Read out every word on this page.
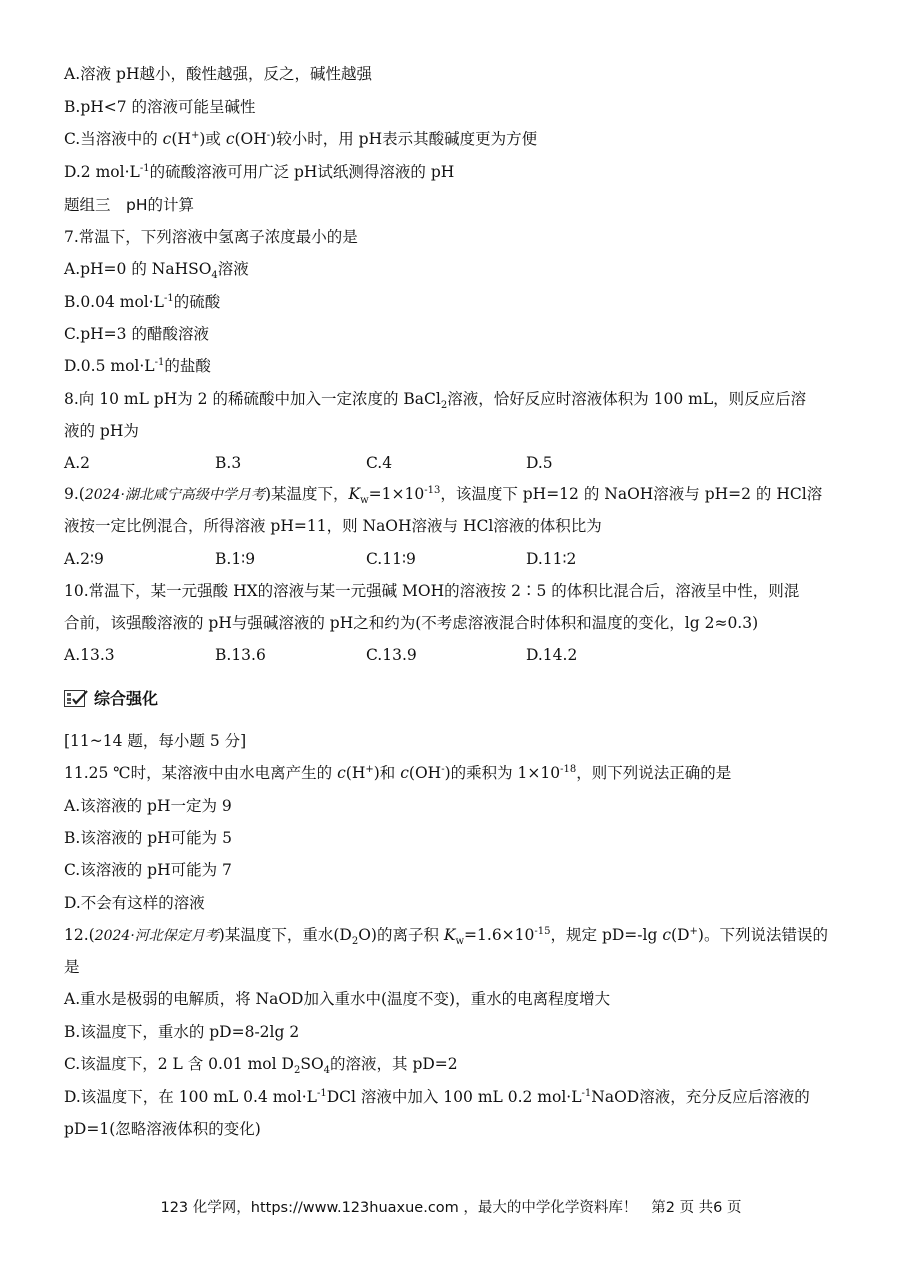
A.溶液 pH越小，酸性越强，反之，碱性越强
B.pH<7 的溶液可能呈碱性
C.当溶液中的 c(H+)或 c(OH-)较小时，用 pH表示其酸碱度更为方便
D.2 $mol\cdot L^{-1}$的硫酸溶液可用广泛 pH试纸测得溶液的 pH
题组三　pH的计算
7.常温下，下列溶液中氢离子浓度最小的是
A.pH=0 的 NaHSO$_4$溶液
B.0.04 $mol\cdot L^{-1}$的硫酸
C.pH=3 的醋酸溶液
D.0.5 $mol\cdot L^{-1}$的盐酸
8.向 10 mL pH为 2 的稀硫酸中加入一定浓度的 BaCl$_2$溶液，恰好反应时溶液体积为 100 mL，则反应后溶
液的 pH为
A.2	B.3	C.4	D.5
9.(2024·湖北咸宁高级中学月考)某温度下，$K_w=1\times 10^{-13}$，该温度下 pH=12 的 NaOH溶液与 pH=2 的 HCl溶
液按一定比例混合，所得溶液 pH=11，则 NaOH溶液与 HCl溶液的体积比为
A.2∶9	B.1∶9	C.11∶9	D.11∶2
10.常温下，某一元强酸 HX的溶液与某一元强碱 MOH的溶液按 2∶5 的体积比混合后，溶液呈中性，则混
合前，该强酸溶液的 pH与强碱溶液的 pH之和约为(不考虑溶液混合时体积和温度的变化，lg 2≈0.3)
A.13.3	B.13.6	C.13.9	D.14.2
综合强化
[11~14 题，每小题 5 分]
11.25 ℃时，某溶液中由水电离产生的 c(H+)和 c(OH-)的乘积为 $1\times 10^{-18}$，则下列说法正确的是
A.该溶液的 pH一定为 9
B.该溶液的 pH可能为 5
C.该溶液的 pH可能为 7
D.不会有这样的溶液
12.(2024·河北保定月考)某温度下，重水$(D_2O)$的离子积 $K_w=1.6\times 10^{-15}$，规定 pD=-lg c(D+)。下列说法错误的
是
A.重水是极弱的电解质，将 NaOD加入重水中(温度不变)，重水的电离程度增大
B.该温度下，重水的 pD=8-2lg 2
C.该温度下，2 L 含 0.01 mol $D_2SO_4$的溶液，其 pD=2
D.该温度下，在 100 mL 0.4 $mol\cdot L^{-1}DCl$ 溶液中加入 100 mL 0.2 $mol\cdot L^{-1}NaOD$溶液，充分反应后溶液的
pD=1(忽略溶液体积的变化)
123 化学网，https://www.123huaxue.com ，最大的中学化学资料库！   第2 页 共6 页
